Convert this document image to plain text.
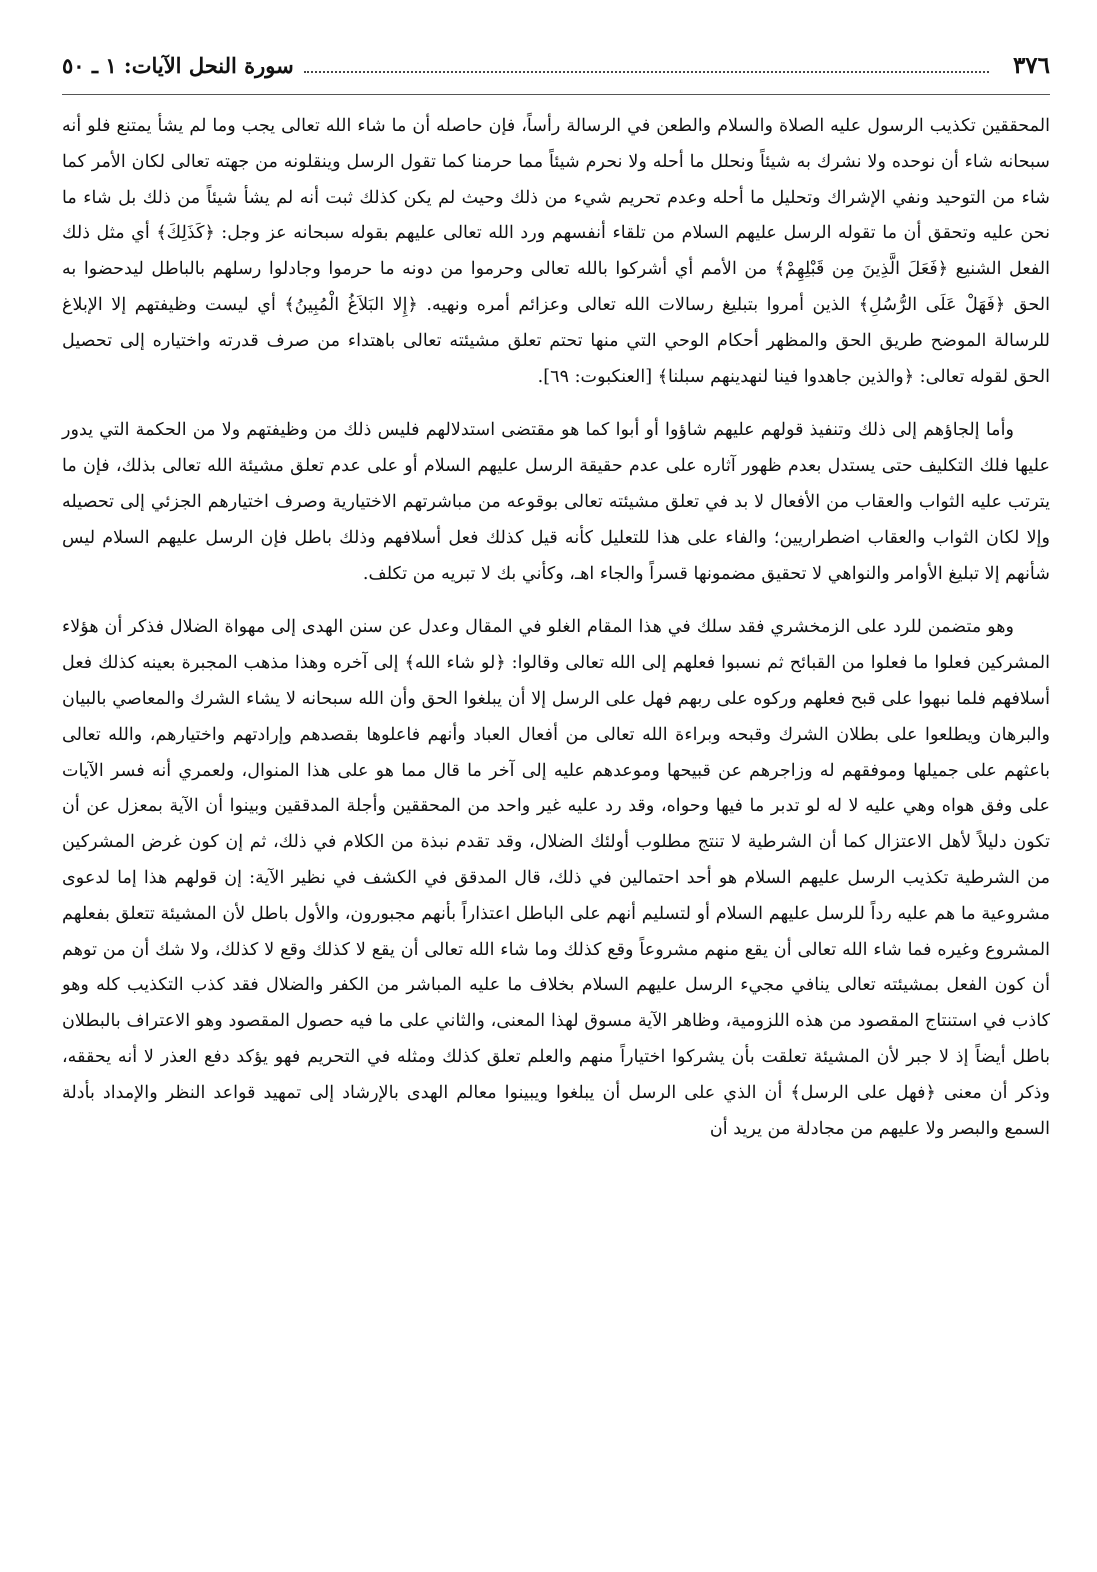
٣٧٦
سورة النحل الآيات: ١ ـ ٥٠

المحققين تكذيب الرسول عليه الصلاة والسلام والطعن في الرسالة رأساً، فإن حاصله أن ما شاء الله تعالى يجب وما لم يشأ يمتنع فلو أنه سبحانه شاء أن نوحده ولا نشرك به شيئاً ونحلل ما أحله ولا نحرم شيئاً مما حرمنا كما تقول الرسل وينقلونه من جهته تعالى لكان الأمر كما شاء من التوحيد ونفي الإشراك وتحليل ما أحله وعدم تحريم شيء من ذلك وحيث لم يكن كذلك ثبت أنه لم يشأ شيئاً من ذلك بل شاء ما نحن عليه وتحقق أن ما تقوله الرسل عليهم السلام من تلقاء أنفسهم ورد الله تعالى عليهم بقوله سبحانه عز وجل: ﴿كَذَلِكَ﴾ أي مثل ذلك الفعل الشنيع ﴿فَعَلَ الَّذِينَ مِن قَبْلِهِمْ﴾ من الأمم أي أشركوا بالله تعالى وحرموا من دونه ما حرموا وجادلوا رسلهم بالباطل ليدحضوا به الحق ﴿فَهَلْ عَلَى الرُّسُلِ﴾ الذين أمروا بتبليغ رسالات الله تعالى وعزائم أمره ونهيه. ﴿إِلا البَلاَغُ الْمُبِينُ﴾ أي ليست وظيفتهم إلا الإبلاغ للرسالة الموضح طريق الحق والمظهر أحكام الوحي التي منها تحتم تعلق مشيئته تعالى باهتداء من صرف قدرته واختياره إلى تحصيل الحق لقوله تعالى: ﴿والذين جاهدوا فينا لنهدينهم سبلنا﴾ [العنكبوت: ٦٩].

وأما إلجاؤهم إلى ذلك وتنفيذ قولهم عليهم شاؤوا أو أبوا كما هو مقتضى استدلالهم فليس ذلك من وظيفتهم ولا من الحكمة التي يدور عليها فلك التكليف حتى يستدل بعدم ظهور آثاره على عدم حقيقة الرسل عليهم السلام أو على عدم تعلق مشيئة الله تعالى بذلك، فإن ما يترتب عليه الثواب والعقاب من الأفعال لا بد في تعلق مشيئته تعالى بوقوعه من مباشرتهم الاختيارية وصرف اختيارهم الجزئي إلى تحصيله وإلا لكان الثواب والعقاب اضطراريين؛ والفاء على هذا للتعليل كأنه قيل كذلك فعل أسلافهم وذلك باطل فإن الرسل عليهم السلام ليس شأنهم إلا تبليغ الأوامر والنواهي لا تحقيق مضمونها قسراً والجاء اهـ، وكأني بك لا تبريه من تكلف.

وهو متضمن للرد على الزمخشري فقد سلك في هذا المقام الغلو في المقال وعدل عن سنن الهدى إلى مهواة الضلال فذكر أن هؤلاء المشركين فعلوا ما فعلوا من القبائح ثم نسبوا فعلهم إلى الله تعالى وقالوا: ﴿لو شاء الله﴾ إلى آخره وهذا مذهب المجبرة بعينه كذلك فعل أسلافهم فلما نبهوا على قبح فعلهم وركوه على ربهم فهل على الرسل إلا أن يبلغوا الحق وأن الله سبحانه لا يشاء الشرك والمعاصي بالبيان والبرهان ويطلعوا على بطلان الشرك وقبحه وبراءة الله تعالى من أفعال العباد وأنهم فاعلوها بقصدهم وإرادتهم واختيارهم، والله تعالى باعثهم على جميلها وموفقهم له وزاجرهم عن قبيحها وموعدهم عليه إلى آخر ما قال مما هو على هذا المنوال، ولعمري أنه فسر الآيات على وفق هواه وهي عليه لا له لو تدبر ما فيها وحواه، وقد رد عليه غير واحد من المحققين وأجلة المدققين وبينوا أن الآية بمعزل عن أن تكون دليلاً لأهل الاعتزال كما أن الشرطية لا تنتج مطلوب أولئك الضلال، وقد تقدم نبذة من الكلام في ذلك، ثم إن كون غرض المشركين من الشرطية تكذيب الرسل عليهم السلام هو أحد احتمالين في ذلك، قال المدقق في الكشف في نظير الآية: إن قولهم هذا إما لدعوى مشروعية ما هم عليه رداً للرسل عليهم السلام أو لتسليم أنهم على الباطل اعتذاراً بأنهم مجبورون، والأول باطل لأن المشيئة تتعلق بفعلهم المشروع وغيره فما شاء الله تعالى أن يقع منهم مشروعاً وقع كذلك وما شاء الله تعالى أن يقع لا كذلك وقع لا كذلك، ولا شك أن من توهم أن كون الفعل بمشيئته تعالى ينافي مجيء الرسل عليهم السلام بخلاف ما عليه المباشر من الكفر والضلال فقد كذب التكذيب كله وهو كاذب في استنتاج المقصود من هذه اللزومية، وظاهر الآية مسوق لهذا المعنى، والثاني على ما فيه حصول المقصود وهو الاعتراف بالبطلان باطل أيضاً إذ لا جبر لأن المشيئة تعلقت بأن يشركوا اختياراً منهم والعلم تعلق كذلك ومثله في التحريم فهو يؤكد دفع العذر لا أنه يحققه، وذكر أن معنى ﴿فهل على الرسل﴾ أن الذي على الرسل أن يبلغوا ويبينوا معالم الهدى بالإرشاد إلى تمهيد قواعد النظر والإمداد بأدلة السمع والبصر ولا عليهم من مجادلة من يريد أن
